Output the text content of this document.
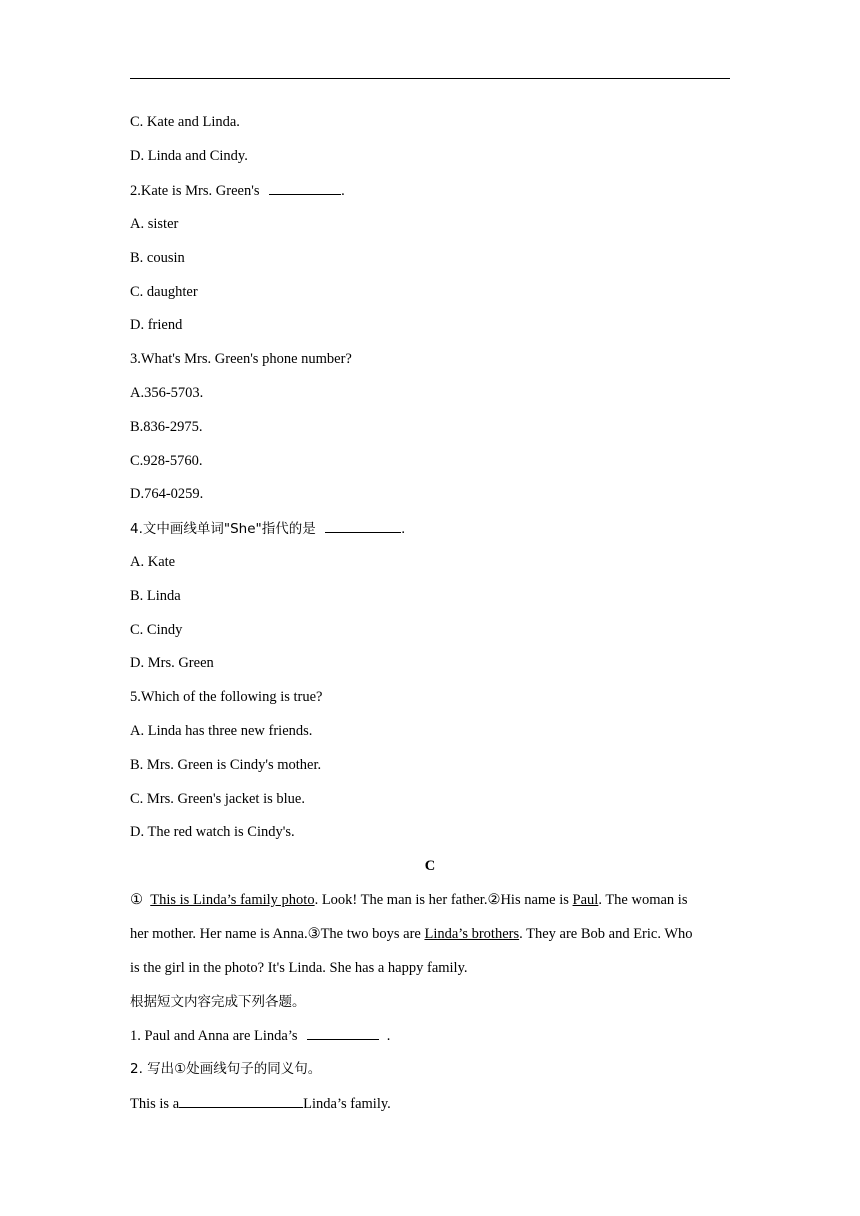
C. Kate and Linda.
D. Linda and Cindy.
2.Kate is Mrs. Green's	.
A. sister
B. cousin
C. daughter
D. friend
3.What's Mrs. Green's phone number?
A.356-5703.
B.836-2975.
C.928-5760.
D.764-0259.
4.文中画线单词"She"指代的是	.
A. Kate
B. Linda
C. Cindy
D. Mrs. Green
5.Which of the following is true?
A. Linda has three new friends.
B. Mrs. Green is Cindy's mother.
C. Mrs. Green's jacket is blue.
D. The red watch is Cindy's.
C
① This is Linda’s family photo. Look! The man is her father.②His name is Paul. The woman is
her mother. Her name is Anna.③The two boys are Linda’s brothers. They are Bob and Eric. Who
is the girl in the photo? It's Linda. She has a happy family.
根据短文内容完成下列各题。
1. Paul and Anna are Linda’s	.
2. 写出①处画线句子的同义句。
This is a	Linda’s family.
